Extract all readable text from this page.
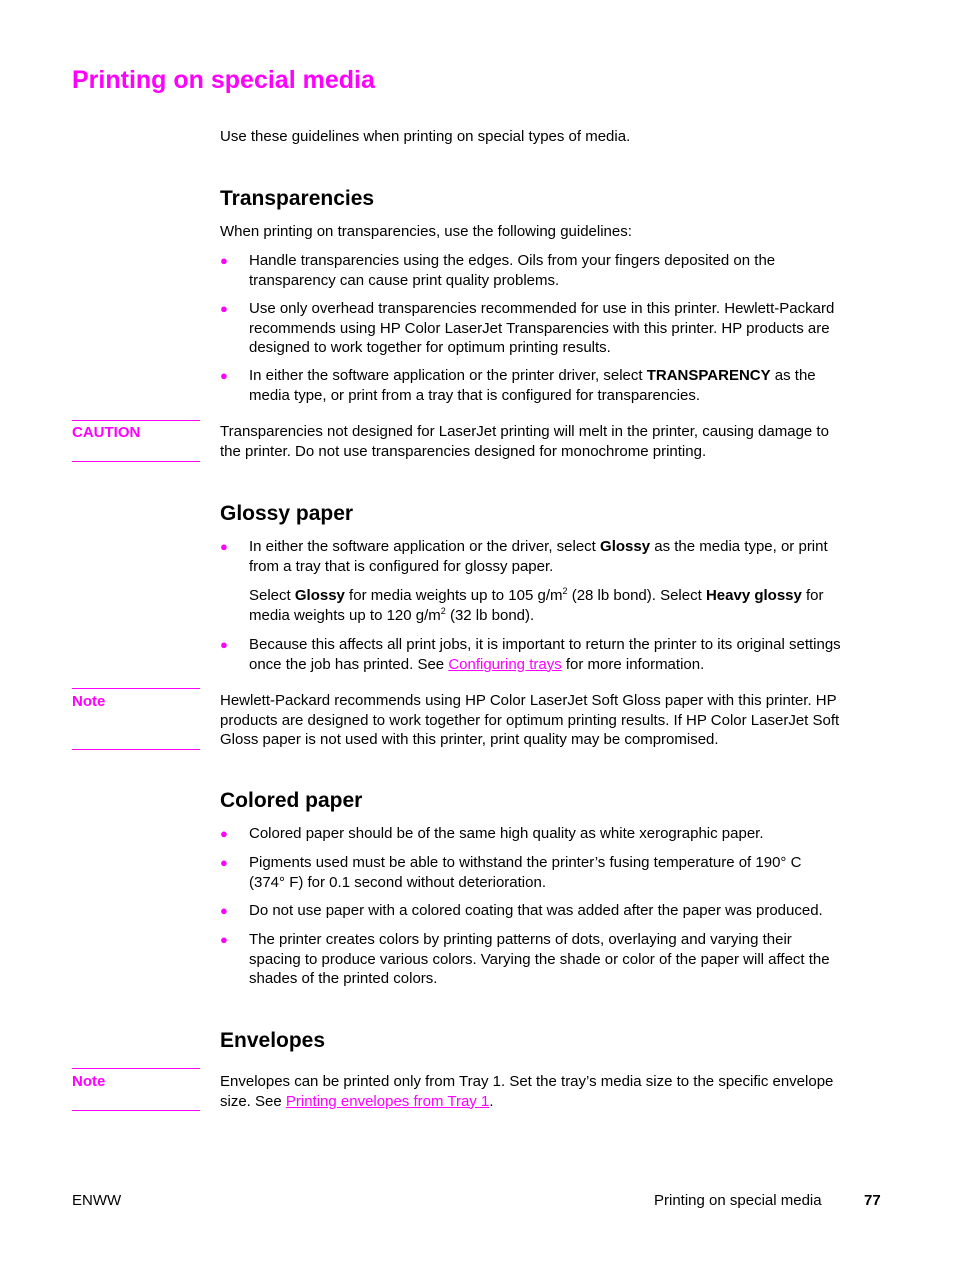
Printing on special media

Use these guidelines when printing on special types of media.

Transparencies

When printing on transparencies, use the following guidelines:

● Handle transparencies using the edges. Oils from your fingers deposited on the
transparency can cause print quality problems.
● Use only overhead transparencies recommended for use in this printer. Hewlett-Packard
recommends using HP Color LaserJet Transparencies with this printer. HP products are
designed to work together for optimum printing results.
● In either the software application or the printer driver, select TRANSPARENCY as the
media type, or print from a tray that is configured for transparencies.

CAUTION	Transparencies not designed for LaserJet printing will melt in the printer, causing damage to
the printer. Do not use transparencies designed for monochrome printing.

Glossy paper
● In either the software application or the driver, select Glossy as the media type, or print
from a tray that is configured for glossy paper.

Select Glossy for media weights up to 105 $g/m^2$ (28 lb bond). Select Heavy glossy for
media weights up to 120 $g/m^2$ (32 lb bond).

● Because this affects all print jobs, it is important to return the printer to its original settings
once the job has printed. See Configuring trays for more information.

Note	Hewlett-Packard recommends using HP Color LaserJet Soft Gloss paper with this printer. HP
products are designed to work together for optimum printing results. If HP Color LaserJet Soft
Gloss paper is not used with this printer, print quality may be compromised.

Colored paper
● Colored paper should be of the same high quality as white xerographic paper.
● Pigments used must be able to withstand the printer’s fusing temperature of 190° C
(374° F) for 0.1 second without deterioration.
● Do not use paper with a colored coating that was added after the paper was produced.
● The printer creates colors by printing patterns of dots, overlaying and varying their
spacing to produce various colors. Varying the shade or color of the paper will affect the
shades of the printed colors.
Envelopes

Note	Envelopes can be printed only from Tray 1. Set the tray’s media size to the specific envelope
size. See Printing envelopes from Tray 1.

ENWW	Printing on special media	77
